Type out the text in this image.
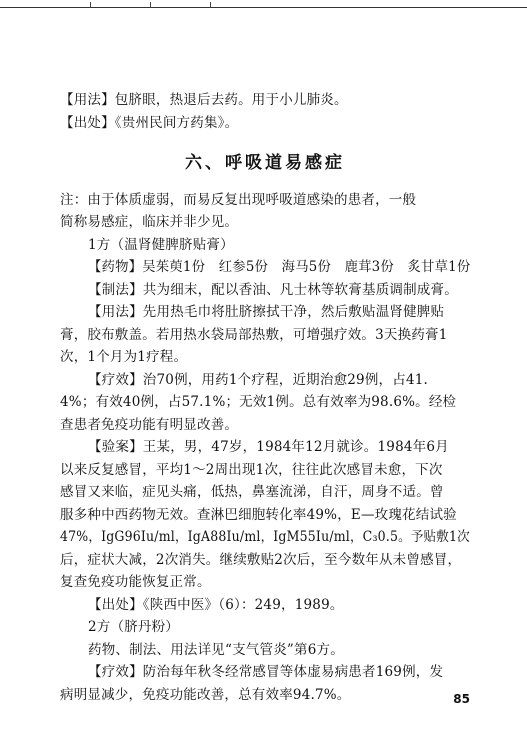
【用法】包脐眼，热退后去药。用于小儿肺炎。

【出处】《贵州民间方药集》。

六、呼吸道易感症

注：由于体质虚弱，而易反复出现呼吸道感染的患者，一般

简称易感症，临床并非少见。

1方（温肾健脾脐贴膏）

【药物】吴茱萸1份　红参5份　海马5份　鹿茸3份　炙甘草1份

【制法】共为细末，配以香油、凡士林等软膏基质调制成膏。

【用法】先用热毛巾将肚脐擦拭干净，然后敷贴温肾健脾贴

膏，胶布敷盖。若用热水袋局部热敷，可增强疗效。3天换药膏1

次，1个月为1疗程。

【疗效】治70例，用药1个疗程，近期治愈29例，占41.

4%；有效40例，占57.1%；无效1例。总有效率为98.6%。经检

查患者免疫功能有明显改善。

【验案】王某，男，47岁，1984年12月就诊。1984年6月

以来反复感冒，平均1～2周出现1次，往往此次感冒未愈，下次

感冒又来临，症见头痛，低热，鼻塞流涕，自汗，周身不适。曾

服多种中西药物无效。查淋巴细胞转化率49%，E—玫瑰花结试验

47%，IgG96Iu/ml，IgA88Iu/ml，IgM55Iu/ml，C₃0.5。予贴敷1次

后，症状大减，2次消失。继续敷贴2次后，至今数年从未曾感冒，

复查免疫功能恢复正常。

【出处】《陕西中医》（6）：249，1989。

2方（脐丹粉）

药物、制法、用法详见“支气管炎”第6方。

【疗效】防治每年秋冬经常感冒等体虚易病患者169例，发

病明显减少，免疫功能改善，总有效率94.7%。	85
